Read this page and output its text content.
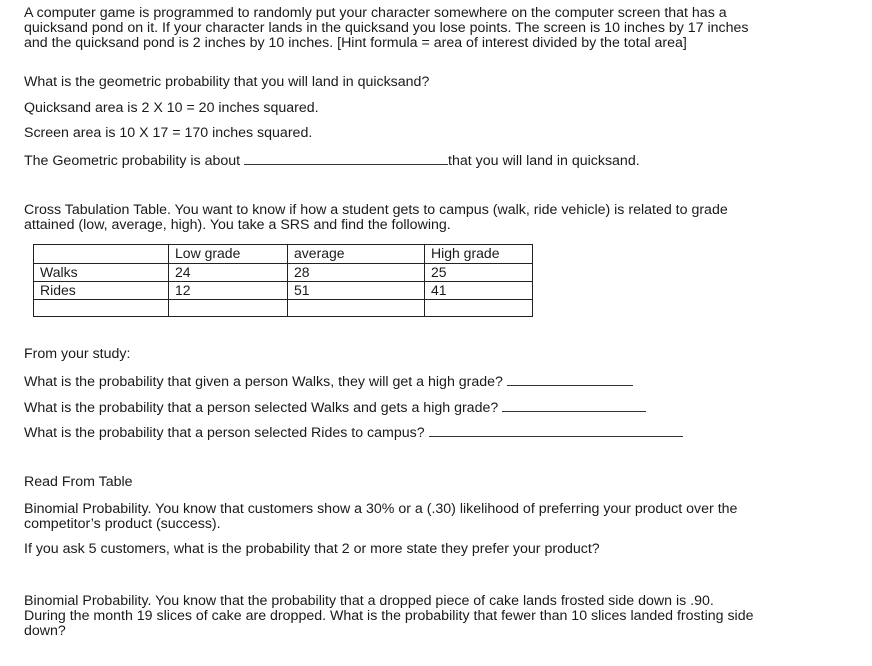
A computer game is programmed to randomly put your character somewhere on the computer screen that has a quicksand pond on it. If your character lands in the quicksand you lose points. The screen is 10 inches by 17 inches and the quicksand pond is 2 inches by 10 inches. [Hint formula = area of interest divided by the total area]

What is the geometric probability that you will land in quicksand?

Quicksand area is 2 X 10 = 20 inches squared.

Screen area is 10 X 17 = 170 inches squared.

The Geometric probability is about	that you will land in quicksand.

Cross Tabulation Table. You want to know if how a student gets to campus (walk, ride vehicle) is related to grade attained (low, average, high). You take a SRS and find the following.

	Low grade	average	High grade
Walks	24	28	25
Rides	12	51	41

From your study:

What is the probability that given a person Walks, they will get a high grade?

What is the probability that a person selected Walks and gets a high grade?

What is the probability that a person selected Rides to campus?

Read From Table

Binomial Probability. You know that customers show a 30% or a (.30) likelihood of preferring your product over the competitor’s product (success).

If you ask 5 customers, what is the probability that 2 or more state they prefer your product?

Binomial Probability. You know that the probability that a dropped piece of cake lands frosted side down is .90. During the month 19 slices of cake are dropped. What is the probability that fewer than 10 slices landed frosting side down?
